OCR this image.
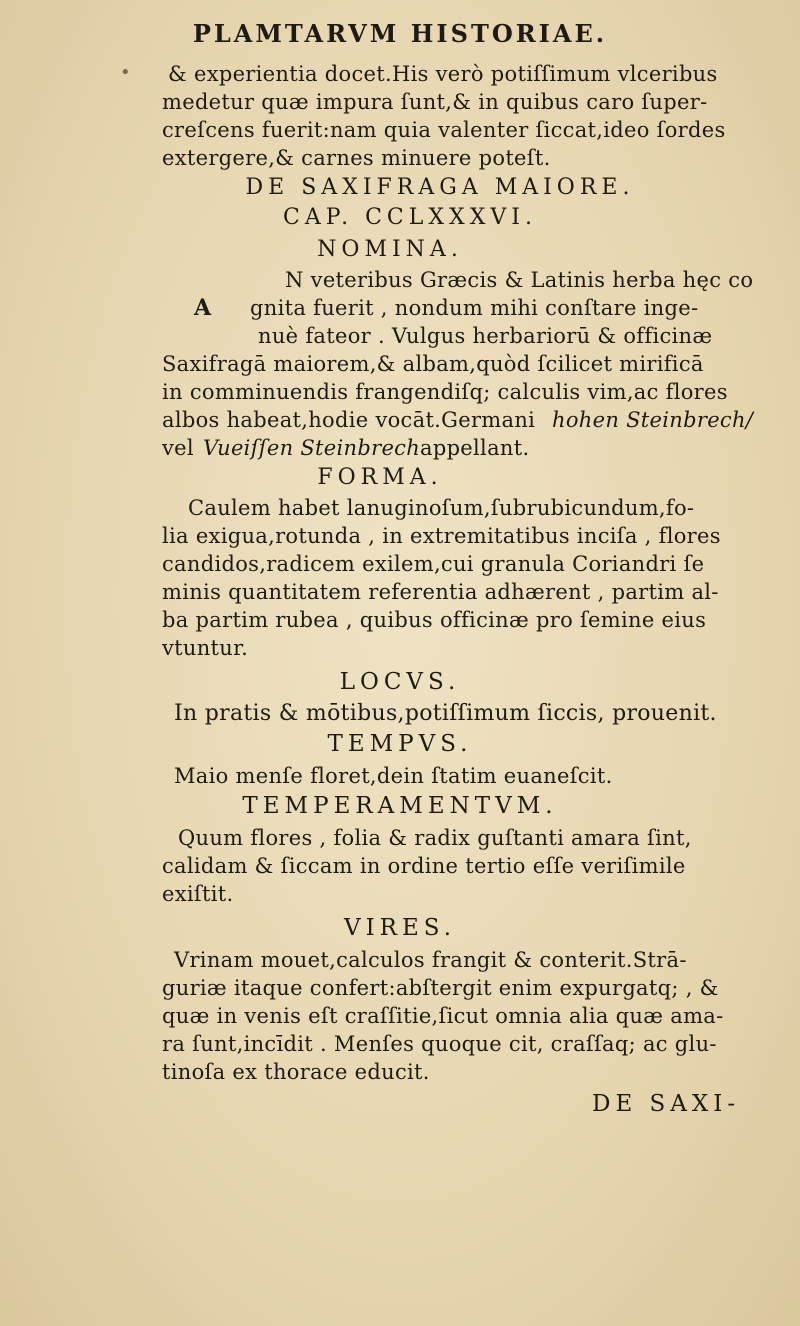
PLAMTARVM HISTORIAE.
• & experientia docet.His verò potiſſimum vlceribus
medetur quæ impura ſunt,& in quibus caro ſuper-
creſcens fuerit:nam quia valenter ſiccat,ideo ſordes
extergere,& carnes minuere poteſt.
DE SAXIFRAGA MAIORE.
CAP. CCLXXXVI.
NOMINA.
N veteribus Græcis & Latinis herba hęc co
A gnita fuerit , nondum mihi conſtare inge-
nuè fateor . Vulgus herbariorū & officinæ
Saxifragā maiorem,& albam,quòd ſcilicet mirificā
in comminuendis frangendiſq; calculis vim,ac flores
albos habeat,hodie vocāt.Germani hohen Steinbrech/
vel Vueiſſen Steinbrech appellant.
FORMA.
Caulem habet lanuginoſum,ſubrubicundum,fo-
lia exigua,rotunda , in extremitatibus inciſa , flores
candidos,radicem exilem,cui granula Coriandri ſe
minis quantitatem referentia adhærent , partim al-
ba partim rubea , quibus officinæ pro ſemine eius
vtuntur.
LOCVS.
In pratis & mōtibus,potiſſimum ſiccis, prouenit.
TEMPVS.
Maio menſe floret,dein ſtatim euaneſcit.
TEMPERAMENTVM.
Quum flores , folia & radix guſtanti amara ſint,
calidam & ſiccam in ordine tertio eſſe veriſimile
exiſtit.
VIRES.
Vrinam mouet,calculos frangit & conterit.Strā-
guriæ itaque confert:abſtergit enim expurgatq; , &
quæ in venis eſt craſſitie,ſicut omnia alia quæ ama-
ra ſunt,incīdit . Menſes quoque cit, craſſaq; ac glu-
tinoſa ex thorace educit.
DE SAXI-
